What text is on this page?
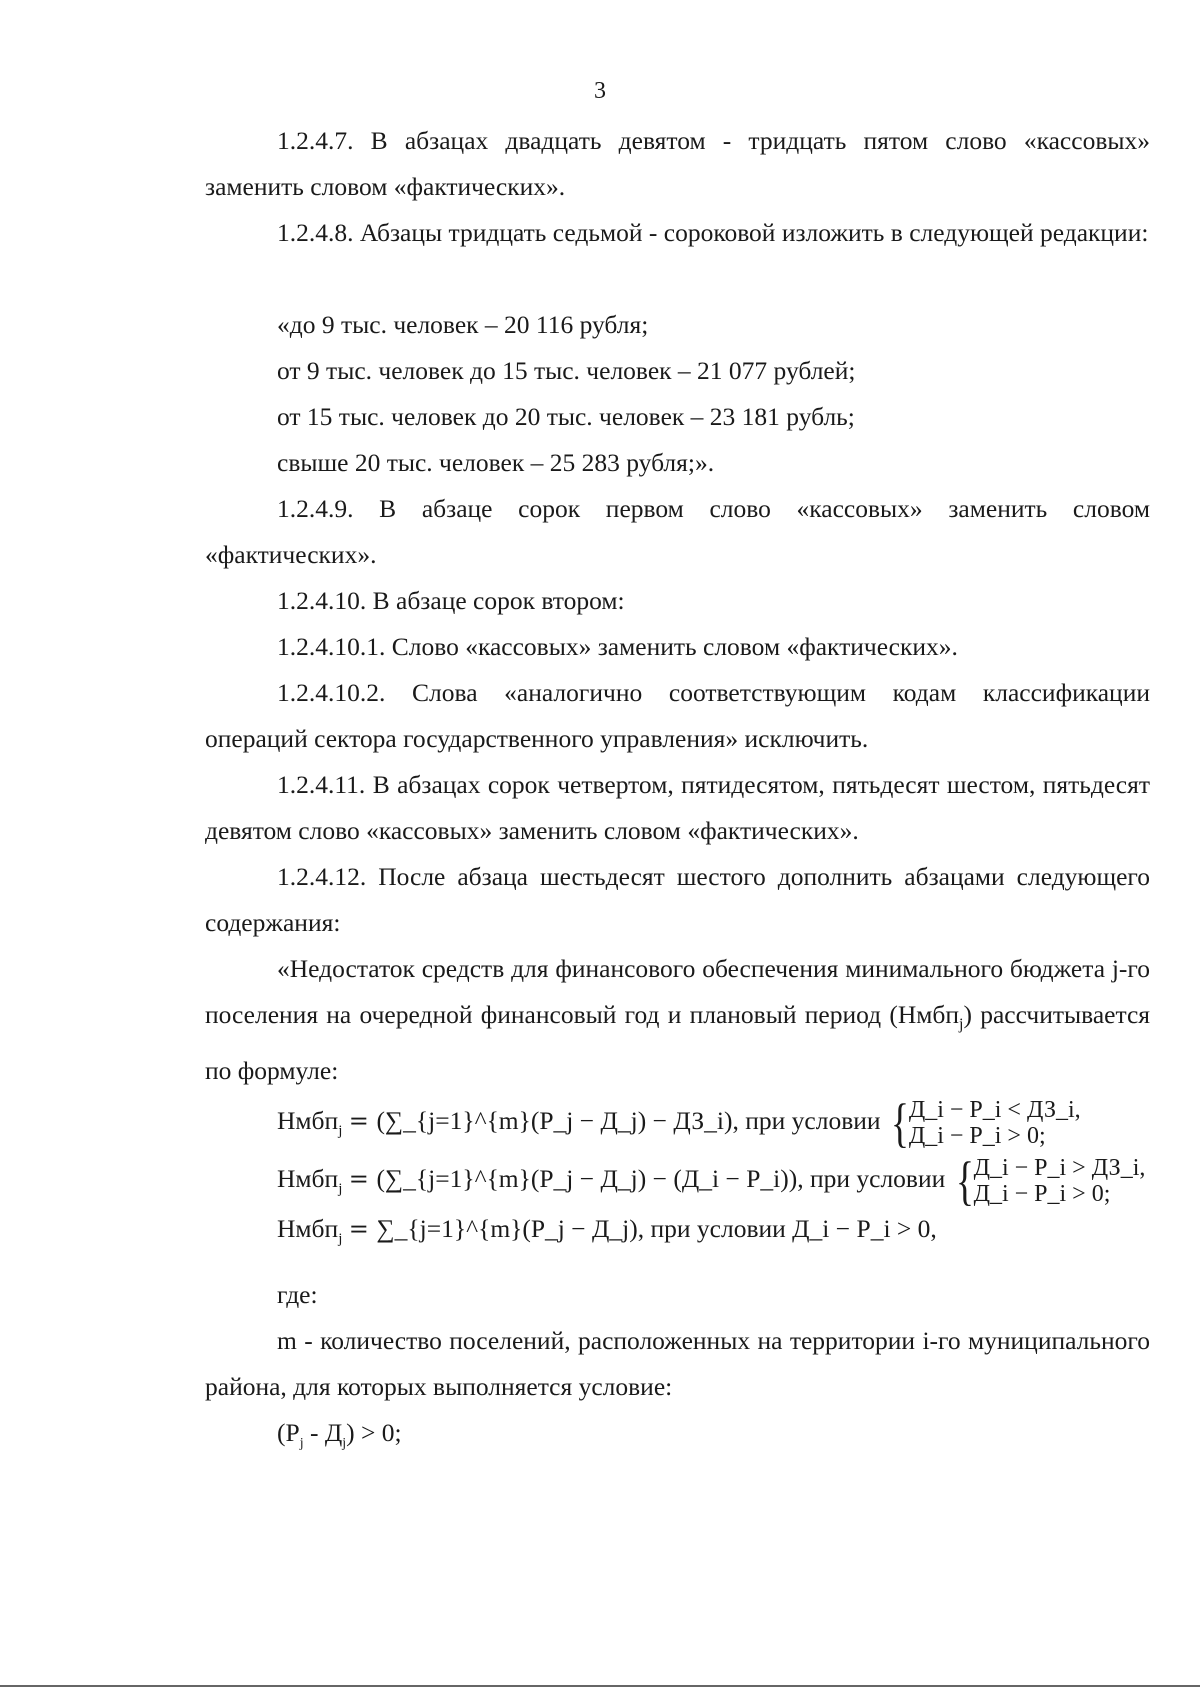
3

1.2.4.7. В абзацах двадцать девятом - тридцать пятом слово «кассовых» заменить словом «фактических».

1.2.4.8. Абзацы тридцать седьмой - сороковой изложить в следующей редакции:

«до 9 тыс. человек – 20 116 рубля;
от 9 тыс. человек до 15 тыс. человек – 21 077 рублей;
от 15 тыс. человек до 20 тыс. человек – 23 181 рубль;
свыше 20 тыс. человек – 25 283 рубля;».

1.2.4.9. В абзаце сорок первом слово «кассовых» заменить словом «фактических».

1.2.4.10. В абзаце сорок втором:
1.2.4.10.1. Слово «кассовых» заменить словом «фактических».

1.2.4.10.2. Слова «аналогично соответствующим кодам классификации операций сектора государственного управления» исключить.

1.2.4.11. В абзацах сорок четвертом, пятидесятом, пятьдесят шестом, пятьдесят девятом слово «кассовых» заменить словом «фактических».

1.2.4.12. После абзаца шестьдесят шестого дополнить абзацами следующего содержания:

«Недостаток средств для финансового обеспечения минимального бюджета j-го поселения на очередной финансовый год и плановый период (Нмбп$_j$) рассчитывается по формуле:

Нмбп$_j$ = (∑_{j=1}^{m}(Р_j − Д_j) − ДЗ_i), при условии { Д_i − Р_i < ДЗ_i,
Д_i − Р_i > 0;
Нмбп$_j$ = (∑_{j=1}^{m}(Р_j − Д_j) − (Д_i − Р_i)), при условии { Д_i − Р_i > ДЗ_i,
Д_i − Р_i > 0;
Нмбп$_j$ = ∑_{j=1}^{m}(Р_j − Д_j), при условии Д_i − Р_i > 0,
где:

m - количество поселений, расположенных на территории i-го муниципального района, для которых выполняется условие:

$(Р_j - Д_j) > 0$;
